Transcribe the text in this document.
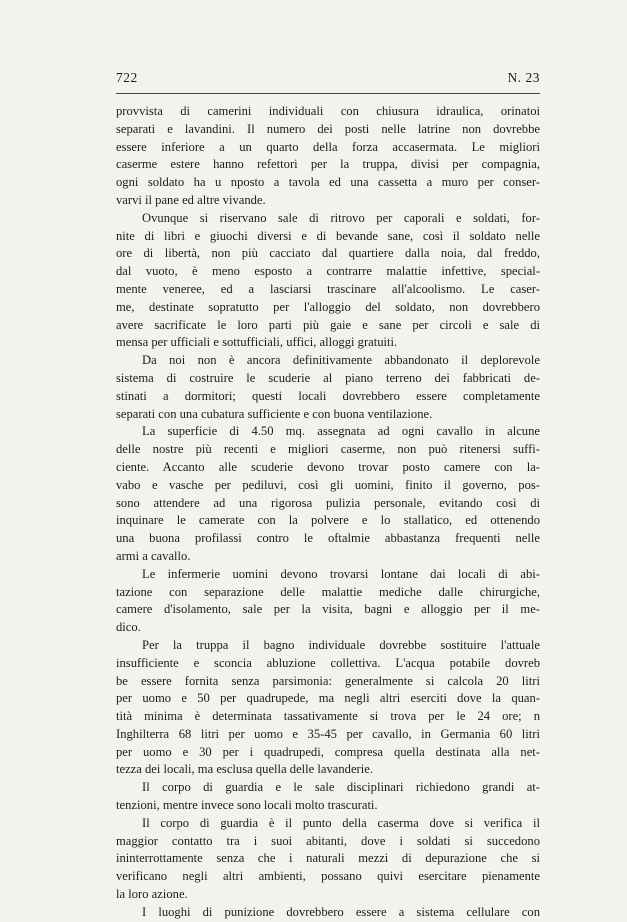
722	N. 23
provvista di camerini individuali con chiusura idraulica, orinatoi
separati e lavandini. Il numero dei posti nelle latrine non dovrebbe
essere inferiore a un quarto della forza accasermata. Le migliori
caserme estere hanno refettori per la truppa, divisi per compagnia,
ogni soldato ha u nposto a tavola ed una cassetta a muro per conser-
varvi il pane ed altre vivande.
Ovunque si riservano sale di ritrovo per caporali e soldati, for-
nite di libri e giuochi diversi e di bevande sane, così il soldato nelle
ore di libertà, non più cacciato dal quartiere dalla noia, dal freddo,
dal vuoto, è meno esposto a contrarre malattie infettive, special-
mente veneree, ed a lasciarsi trascinare all'alcoolismo. Le caser-
me, destinate sopratutto per l'alloggio del soldato, non dovrebbero
avere sacrificate le loro parti più gaie e sane per circoli e sale di
mensa per ufficiali e sottufficiali, uffici, alloggi gratuiti.
Da noi non è ancora definitivamente abbandonato il deplorevole
sistema di costruire le scuderie al piano terreno dei fabbricati de-
stinati a dormitori; questi locali dovrebbero essere completamente
separati con una cubatura sufficiente e con buona ventilazione.
La superficie di 4.50 mq. assegnata ad ogni cavallo in alcune
delle nostre più recenti e migliori caserme, non può ritenersi suffi-
ciente. Accanto alle scuderie devono trovar posto camere con la-
vabo e vasche per pediluvi, così gli uomini, finito il governo, pos-
sono attendere ad una rigorosa pulizia personale, evitando così di
inquinare le camerate con la polvere e lo stallatico, ed ottenendo
una buona profilassi contro le oftalmie abbastanza frequenti nelle
armi a cavallo.
Le infermerie uomini devono trovarsi lontane dai locali di abi-
tazione con separazione delle malattie mediche dalle chirurgiche,
camere d'isolamento, sale per la visita, bagni e alloggio per il me-
dico.
Per la truppa il bagno individuale dovrebbe sostituire l'attuale
insufficiente e sconcia abluzione collettiva. L'acqua potabile dovreb
be essere fornita senza parsimonia: generalmente si calcola 20 litri
per uomo e 50 per quadrupede, ma negli altri eserciti dove la quan-
tità minima è determinata tassativamente si trova per le 24 ore; n
Inghilterra 68 litri per uomo e 35-45 per cavallo, in Germania 60 litri
per uomo e 30 per i quadrupedi, compresa quella destinata alla net-
tezza dei locali, ma esclusa quella delle lavanderie.
Il corpo di guardia e le sale disciplinari richiedono grandi at-
tenzioni, mentre invece sono locali molto trascurati.
Il corpo di guardia è il punto della caserma dove si verifica il
maggior contatto tra i suoi abitanti, dove i soldati si succedono
ininterrottamente senza che i naturali mezzi di depurazione che si
verificano negli altri ambienti, possano quivi esercitare pienamente
la loro azione.
I luoghi di punizione dovrebbero essere a sistema cellulare con
